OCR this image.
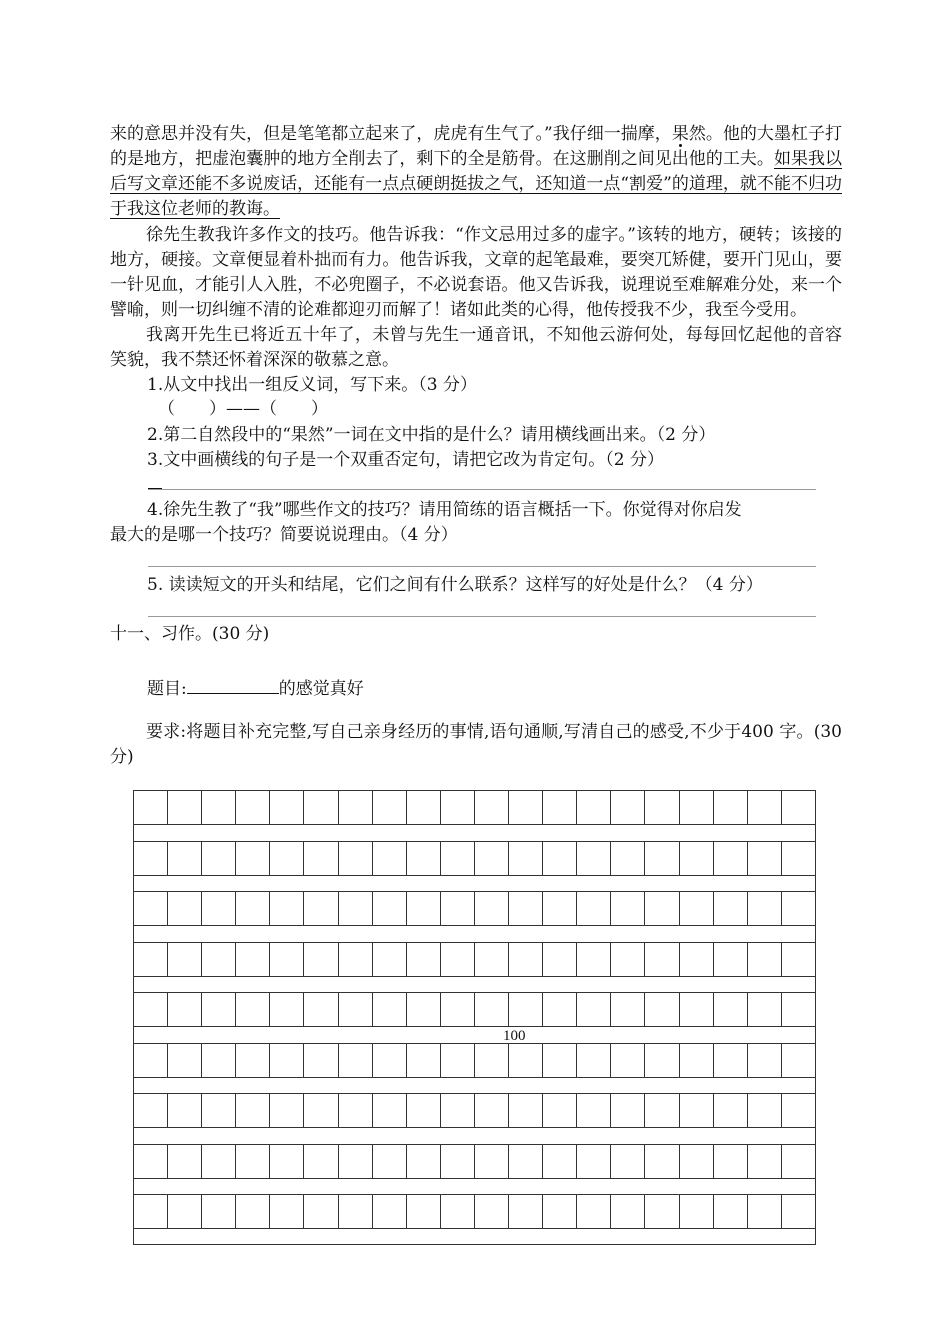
来的意思并没有失，但是笔笔都立起来了，虎虎有生气了。”我仔细一揣摩，果然。他的大墨杠子打的是地方，把虚泡囊肿的地方全削去了，剩下的全是筋骨。在这删削之间见出他的工夫。如果我以后写文章还能不多说废话，还能有一点点硬朗挺拔之气，还知道一点“割爱”的道理，就不能不归功于我这位老师的教诲。

徐先生教我许多作文的技巧。他告诉我：“作文忌用过多的虚字。”该转的地方，硬转；该接的地方，硬接。文章便显着朴拙而有力。他告诉我，文章的起笔最难，要突兀矫健，要开门见山，要一针见血，才能引人入胜，不必兜圈子，不必说套语。他又告诉我，说理说至难解难分处，来一个譬喻，则一切纠缠不清的论难都迎刃而解了！诸如此类的心得，他传授我不少，我至今受用。

我离开先生已将近五十年了，未曾与先生一通音讯，不知他云游何处，每每回忆起他的音容笑貌，我不禁还怀着深深的敬慕之意。

1.从文中找出一组反义词，写下来。（3 分）

（　　）——（　　）

2.第二自然段中的“果然”一词在文中指的是什么？请用横线画出来。（2 分）

3.文中画横线的句子是一个双重否定句，请把它改为肯定句。（2 分）

4.徐先生教了“我”哪些作文的技巧？请用简练的语言概括一下。你觉得对你启发

最大的是哪一个技巧？简要说说理由。（4 分）

5. 读读短文的开头和结尾，它们之间有什么联系？这样写的好处是什么？（4 分）

十一、习作。(30 分)

题目:	的感觉真好

要求:将题目补充完整,写自己亲身经历的事情,语句通顺,写清自己的感受,不少于400 字。(30 分)

100
